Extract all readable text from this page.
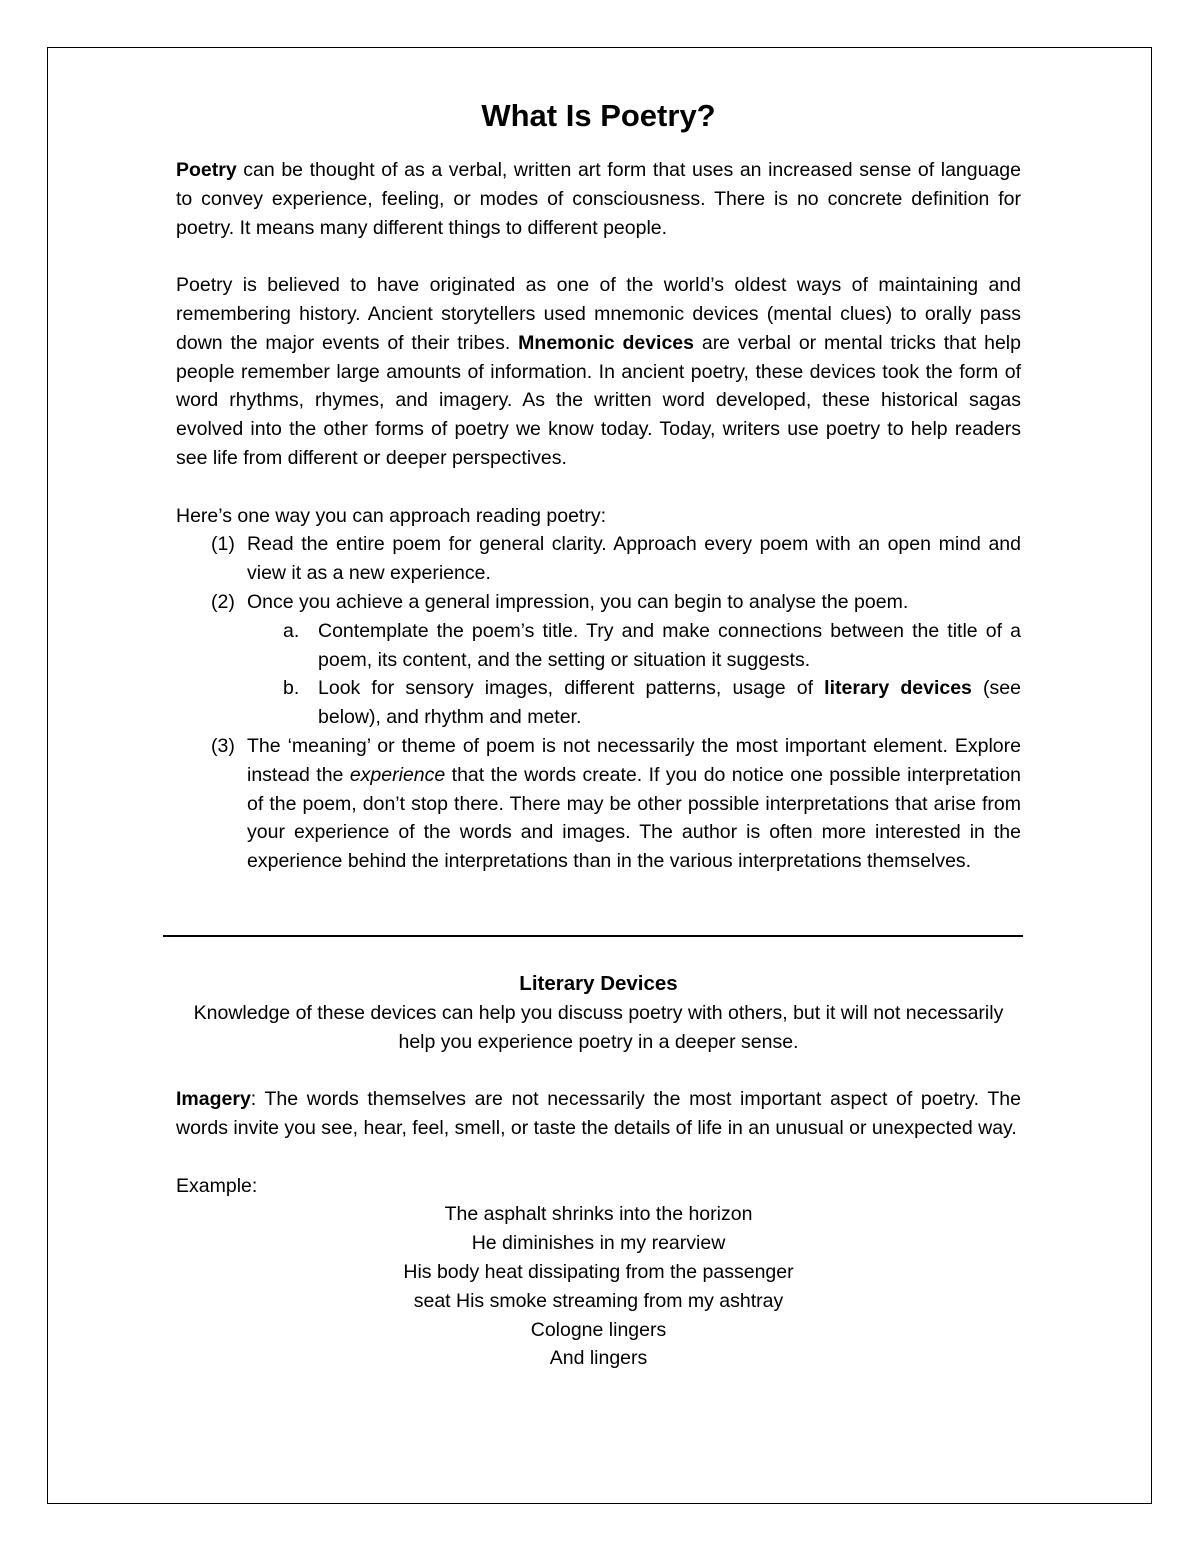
What Is Poetry?

Poetry can be thought of as a verbal, written art form that uses an increased sense of language to convey experience, feeling, or modes of consciousness. There is no concrete definition for poetry. It means many different things to different people.

Poetry is believed to have originated as one of the world’s oldest ways of maintaining and remembering history. Ancient storytellers used mnemonic devices (mental clues) to orally pass down the major events of their tribes. Mnemonic devices are verbal or mental tricks that help people remember large amounts of information. In ancient poetry, these devices took the form of word rhythms, rhymes, and imagery. As the written word developed, these historical sagas evolved into the other forms of poetry we know today. Today, writers use poetry to help readers see life from different or deeper perspectives.

Here’s one way you can approach reading poetry:

(1) Read the entire poem for general clarity. Approach every poem with an open mind and view it as a new experience.
(2) Once you achieve a general impression, you can begin to analyse the poem.
a. Contemplate the poem’s title. Try and make connections between the title of a poem, its content, and the setting or situation it suggests.
b. Look for sensory images, different patterns, usage of literary devices (see below), and rhythm and meter.
(3) The ‘meaning’ or theme of poem is not necessarily the most important element. Explore instead the experience that the words create. If you do notice one possible interpretation of the poem, don’t stop there. There may be other possible interpretations that arise from your experience of the words and images. The author is often more interested in the experience behind the interpretations than in the various interpretations themselves.
Literary Devices

Knowledge of these devices can help you discuss poetry with others, but it will not necessarily help you experience poetry in a deeper sense.

Imagery: The words themselves are not necessarily the most important aspect of poetry. The words invite you see, hear, feel, smell, or taste the details of life in an unusual or unexpected way.

Example:

The asphalt shrinks into the horizon
He diminishes in my rearview
His body heat dissipating from the passenger
seat His smoke streaming from my ashtray
Cologne lingers
And lingers
